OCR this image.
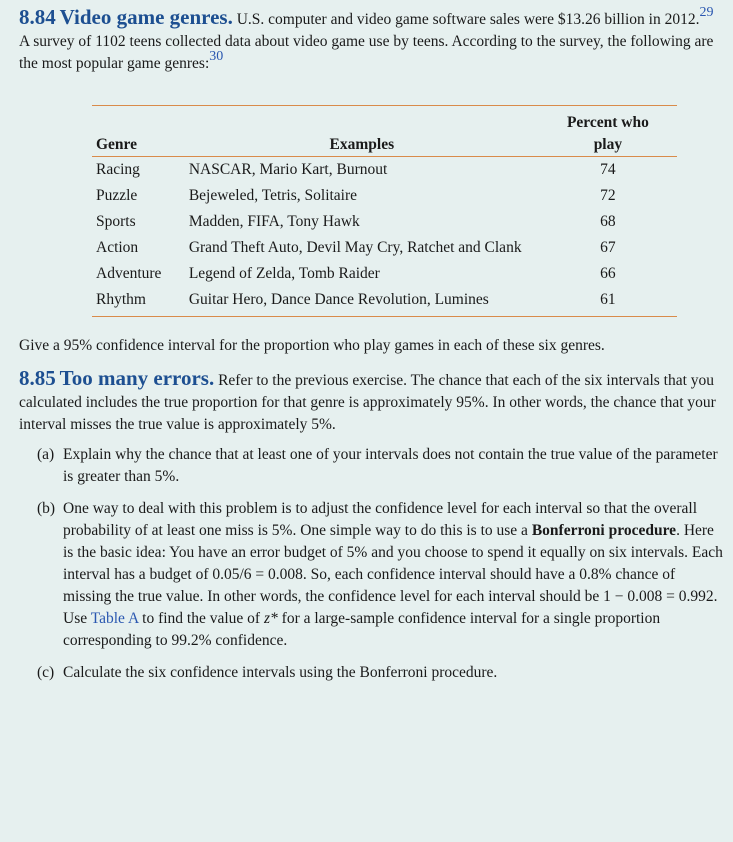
8.84 Video game genres. U.S. computer and video game software sales were $13.26 billion in 2012.29 A survey of 1102 teens collected data about video game use by teens. According to the survey, the following are the most popular game genres:$^{30}$

		Percent who
Genre	Examples	play
Racing	NASCAR, Mario Kart, Burnout	74
Puzzle	Bejeweled, Tetris, Solitaire	72
Sports	Madden, FIFA, Tony Hawk	68
Action	Grand Theft Auto, Devil May Cry, Ratchet and Clank	67
Adventure	Legend of Zelda, Tomb Raider	66
Rhythm	Guitar Hero, Dance Dance Revolution, Lumines	61

Give a 95% confidence interval for the proportion who play games in each of these six genres.

8.85 Too many errors. Refer to the previous exercise. The chance that each of the six intervals that you calculated includes the true proportion for that genre is approximately 95%. In other words, the chance that your interval misses the true value is approximately 5%.

(a) Explain why the chance that at least one of your intervals does not contain the true value of the parameter is greater than 5%.
(b) One way to deal with this problem is to adjust the confidence level for each interval so that the overall probability of at least one miss is 5%. One simple way to do this is to use a Bonferroni procedure. Here is the basic idea: You have an error budget of 5% and you choose to spend it equally on six intervals. Each interval has a budget of 0.05/6 = 0.008. So, each confidence interval should have a 0.8% chance of missing the true value. In other words, the confidence level for each interval should be 1 − 0.008 = 0.992. Use Table A to find the value of z* for a large-sample confidence interval for a single proportion corresponding to 99.2% confidence.
(c) Calculate the six confidence intervals using the Bonferroni procedure.
